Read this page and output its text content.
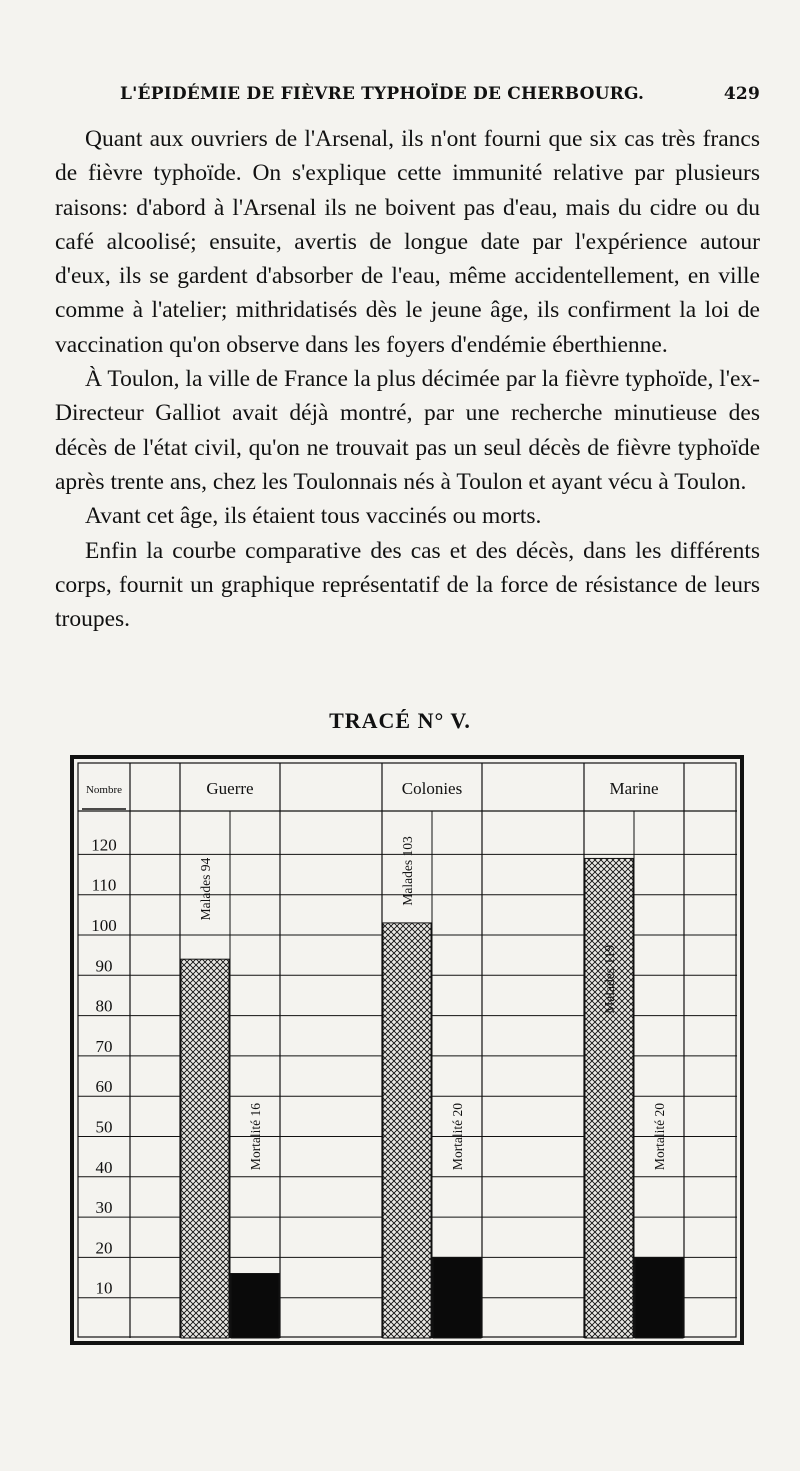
L'ÉPIDÉMIE DE FIÈVRE TYPHOÏDE DE CHERBOURG.	429

Quant aux ouvriers de l'Arsenal, ils n'ont fourni que six cas très francs de fièvre typhoïde. On s'explique cette immunité relative par plusieurs raisons: d'abord à l'Arsenal ils ne boivent pas d'eau, mais du cidre ou du café alcoolisé; ensuite, avertis de longue date par l'expérience autour d'eux, ils se gardent d'absorber de l'eau, même accidentellement, en ville comme à l'atelier; mithridatisés dès le jeune âge, ils confirment la loi de vaccination qu'on observe dans les foyers d'endémie éberthienne.

À Toulon, la ville de France la plus décimée par la fièvre typhoïde, l'ex-Directeur Galliot avait déjà montré, par une recherche minutieuse des décès de l'état civil, qu'on ne trouvait pas un seul décès de fièvre typhoïde après trente ans, chez les Toulonnais nés à Toulon et ayant vécu à Toulon.

Avant cet âge, ils étaient tous vaccinés ou morts.

Enfin la courbe comparative des cas et des décès, dans les différents corps, fournit un graphique représentatif de la force de résistance de leurs troupes.

TRACÉ N° V.
Nombre
120
110
100
90
80
70
60
50
40
30
20
10
Guerre
Malades 94
Mortalité 16
Colonies
Malades 103
Mortalité 20
Marine
Malades 119
Mortalité 20
